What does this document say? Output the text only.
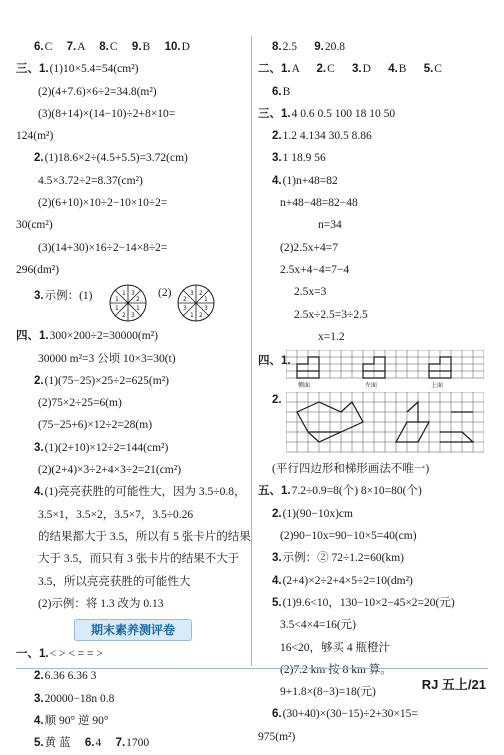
6.C 7.A 8.C 9.B 10.D
三、1.(1)10×5.4=54(cm²)
(2)(4+7.6)×6÷2=34.8(m²)
(3)(8+14)×(14−10)÷2+8×10=
124(m²)
2.(1)18.6×2÷(4.5+5.5)=3.72(cm)
4.5×3.72÷2=8.37(cm²)
(2)(6+10)×10÷2−10×10÷2=
30(cm²)
(3)(14+30)×16÷2−14×8÷2=
296(dm²)
3.示例：(1)	1 3
2
1
3
2
1
1
(2)	3 2
1
3
2
1
3
2
四、1.300×200÷2=30000(m²)
30000 m²=3 公顷 10×3=30(t)
2.(1)(75−25)×25÷2=625(m²)
(2)75×2÷25=6(m)
(75−25+6)×12÷2=28(m)
3.(1)(2+10)×12÷2=144(cm²)
(2)(2+4)×3÷2+4×3÷2=21(cm²)
4.(1)亮亮获胜的可能性大，因为 3.5÷0.8，
3.5×1，3.5×2，3.5×7，3.5÷0.26
的结果都大于 3.5，所以有 5 张卡片的结果
大于 3.5，而只有 3 张卡片的结果不大于
3.5，所以亮亮获胜的可能性大
(2)示例：将 1.3 改为 0.13
期末素养测评卷
一、1.< > < = = >
2.6.36 6.36 3
3.20000−18n 0.8
4.顺 90° 逆 90°
5.黄 蓝 6.4 7.1700
8.2.5 9.20.8
二、1.A 2.C 3.D 4.B 5.C
6.B
三、1.4 0.6 0.5 100 18 10 50
2.1.2 4.134 30.5 8.86
3.1 18.9 56
4.(1)n+48=82
n+48−48=82−48
n=34
(2)2.5x+4=7
2.5x+4−4=7−4
2.5x=3
2.5x÷2.5=3÷2.5
x=1.2
四、1.
侧面	左面	上面
2.
(平行四边形和梯形画法不唯一)
五、1.7.2÷0.9=8(个) 8×10=80(个)
2.(1)(90−10x)cm
(2)90−10x=90−10×5=40(cm)
3.示例：② 72÷1.2=60(km)
4.(2+4)×2÷2+4×5÷2=10(dm²)
5.(1)9.6<10，130−10×2−45×2=20(元)
3.5<4×4=16(元)
16<20，够买 4 瓶橙汁
(2)7.2 km 按 8 km 算。
9+1.8×(8−3)=18(元)
6.(30+40)×(30−15)÷2+30×15=
975(m²)
RJ 五上/21
